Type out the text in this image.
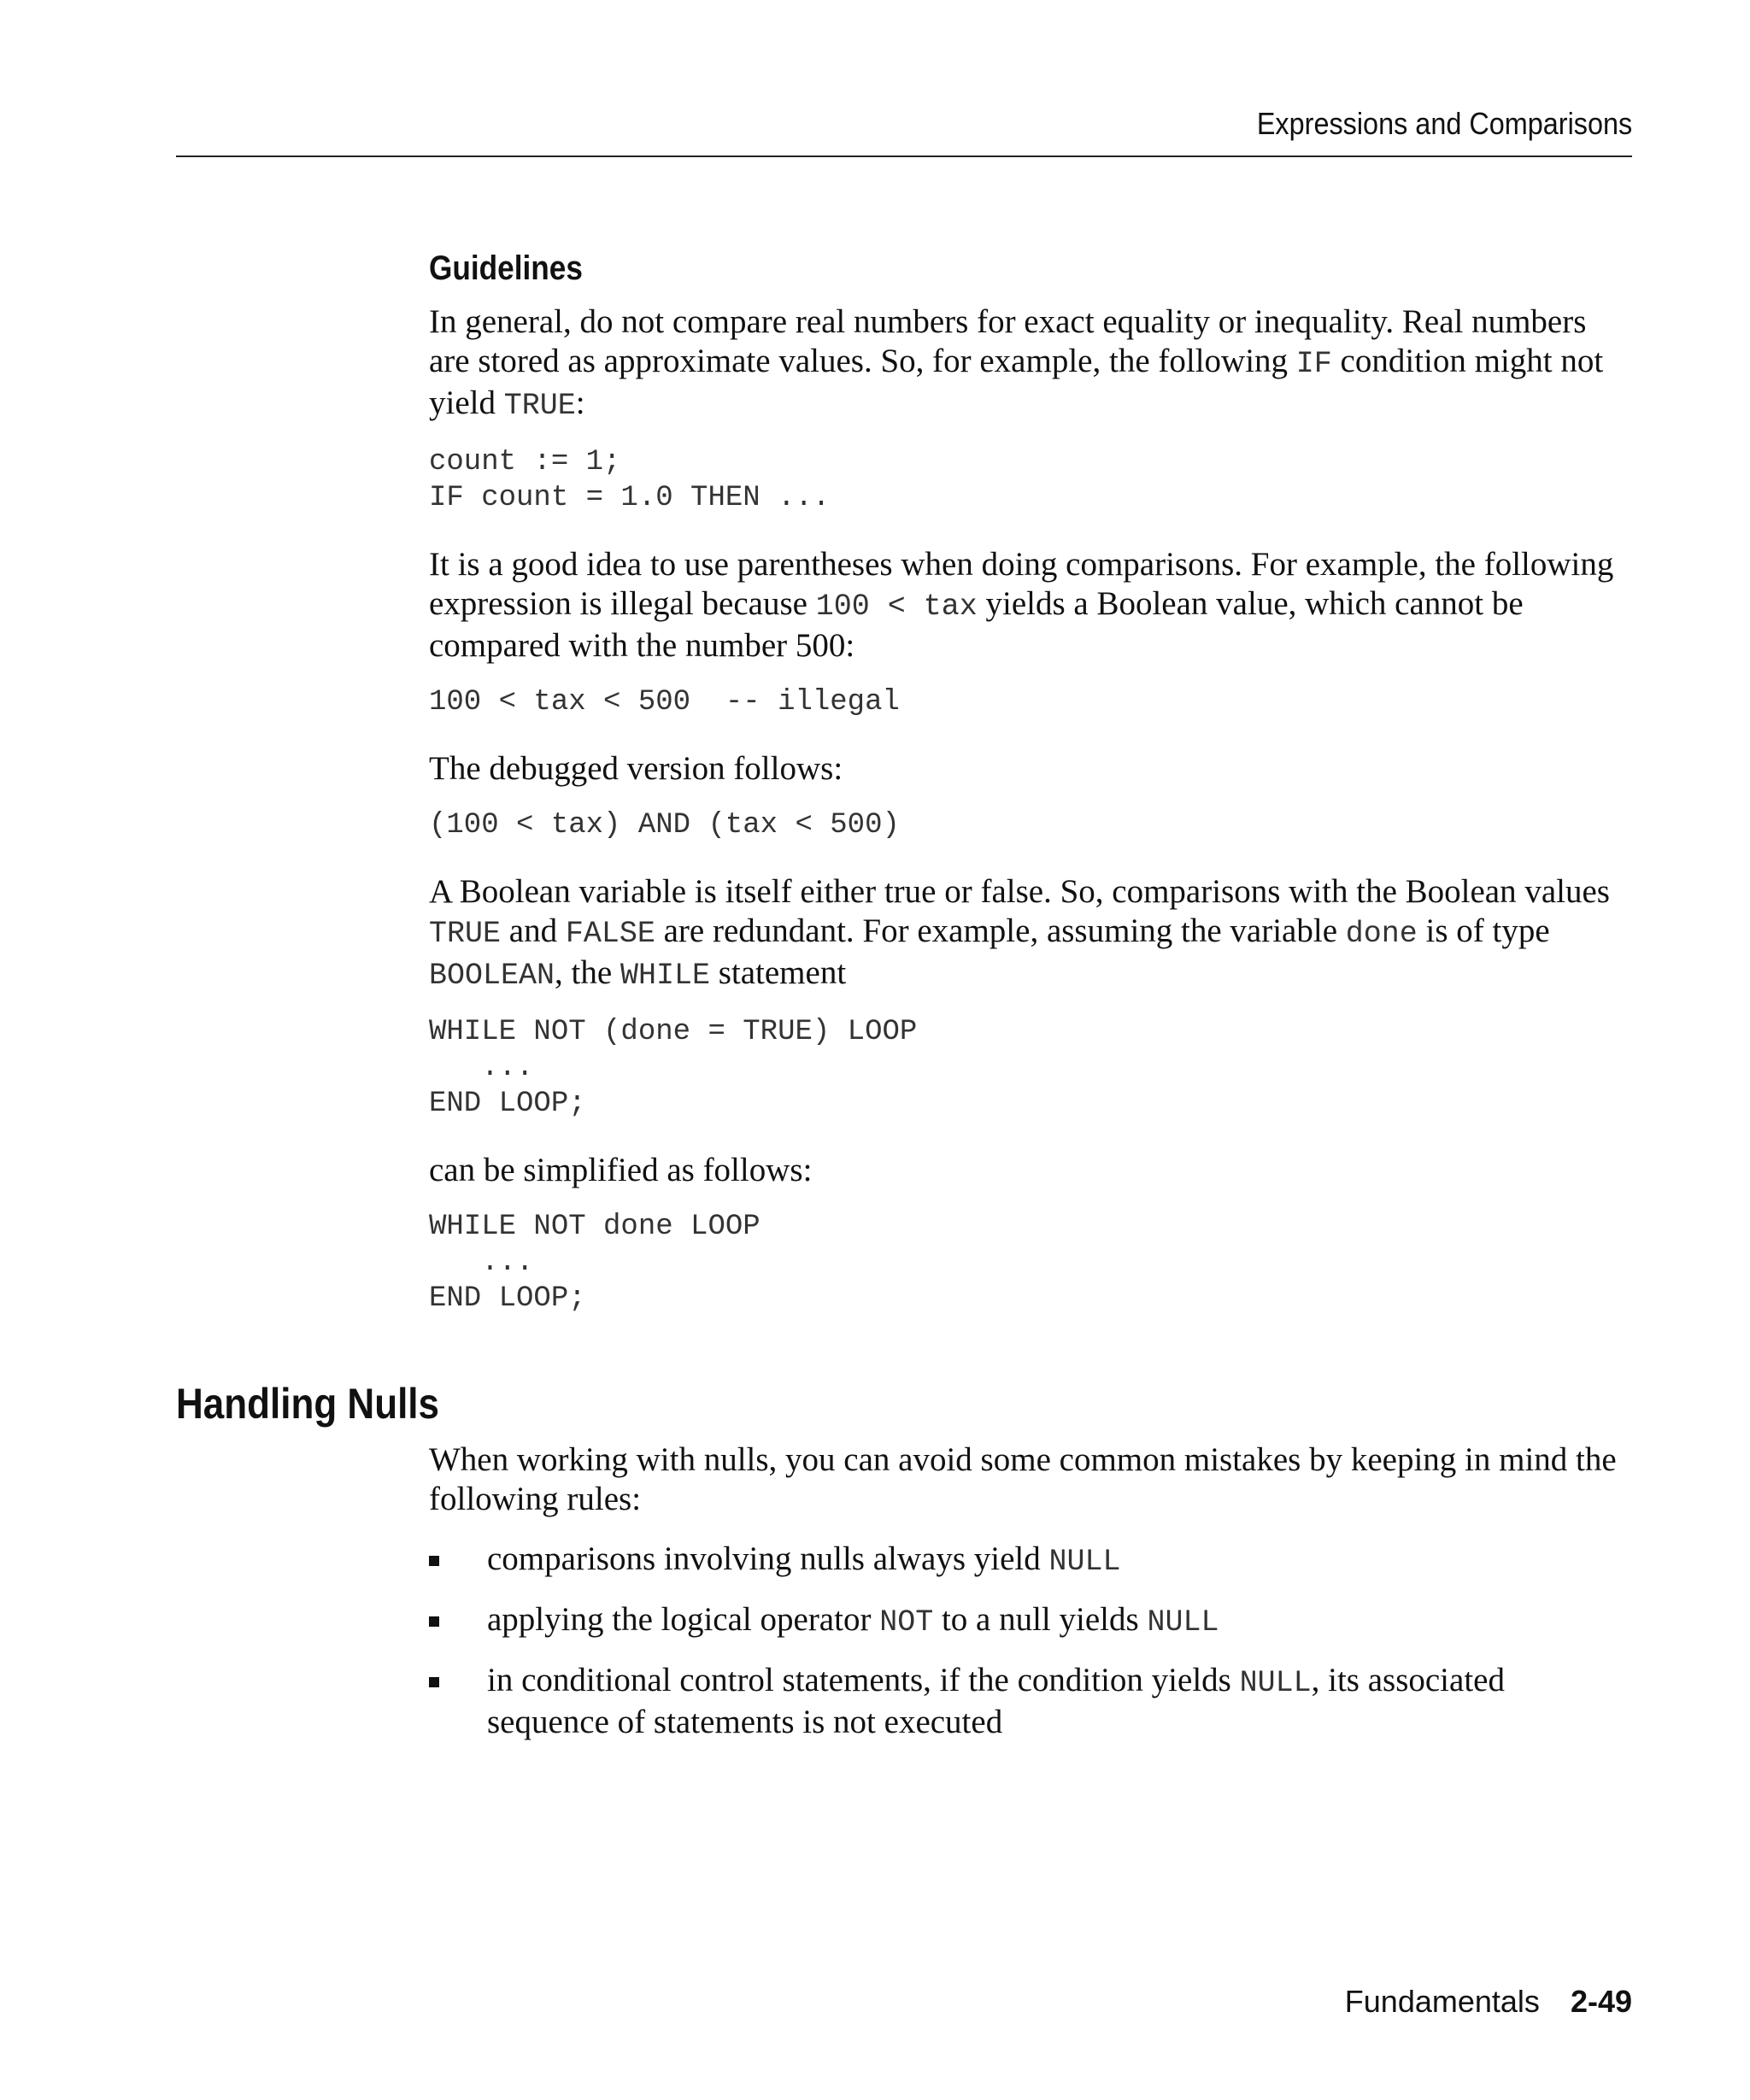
Expressions and Comparisons
Guidelines

In general, do not compare real numbers for exact equality or inequality. Real numbers are stored as approximate values. So, for example, the following IF condition might not yield TRUE:

count := 1;
IF count = 1.0 THEN ...

It is a good idea to use parentheses when doing comparisons. For example, the following expression is illegal because 100 < tax yields a Boolean value, which cannot be compared with the number 500:

100 < tax < 500  -- illegal

The debugged version follows:

(100 < tax) AND (tax < 500)

A Boolean variable is itself either true or false. So, comparisons with the Boolean values TRUE and FALSE are redundant. For example, assuming the variable done is of type BOOLEAN, the WHILE statement

WHILE NOT (done = TRUE) LOOP
...
END LOOP;

can be simplified as follows:

WHILE NOT done LOOP
...
END LOOP;
Handling Nulls

When working with nulls, you can avoid some common mistakes by keeping in mind the following rules:

comparisons involving nulls always yield NULL
applying the logical operator NOT to a null yields NULL
in conditional control statements, if the condition yields NULL, its associated sequence of statements is not executed
Fundamentals 2-49
